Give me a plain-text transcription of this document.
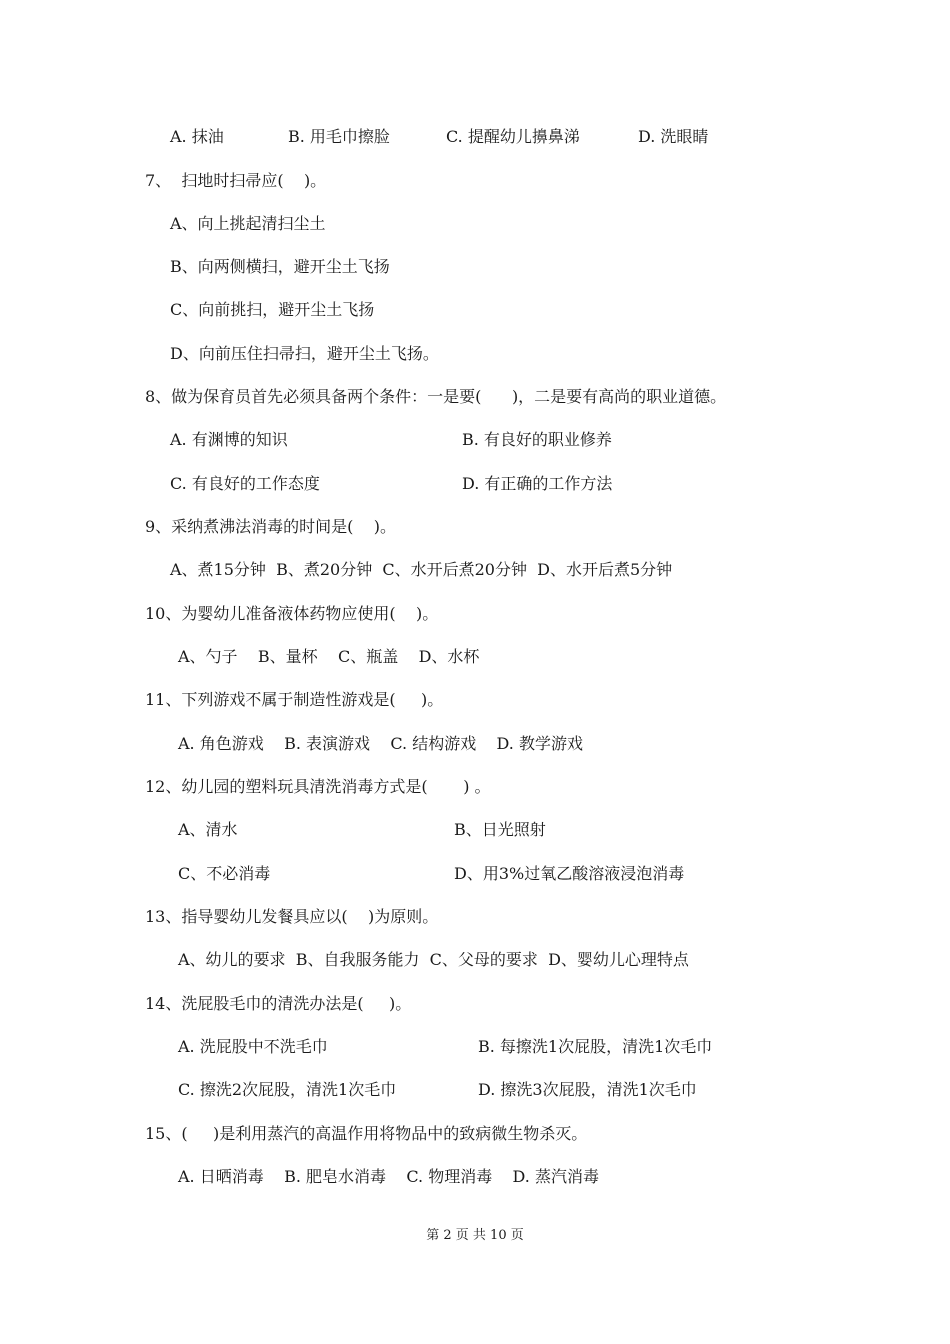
A. 抹油	B. 用毛巾擦脸	C. 提醒幼儿擤鼻涕	D. 洗眼睛
7、  扫地时扫帚应(    )。
A、向上挑起清扫尘土
B、向两侧横扫，避开尘土飞扬
C、向前挑扫，避开尘土飞扬
D、向前压住扫帚扫，避开尘土飞扬。
8、做为保育员首先必须具备两个条件：一是要(      )，二是要有高尚的职业道德。
A. 有渊博的知识	B. 有良好的职业修养
C. 有良好的工作态度	D. 有正确的工作方法
9、采纳煮沸法消毒的时间是(    )。
A、煮15分钟  B、煮20分钟  C、水开后煮20分钟  D、水开后煮5分钟
10、为婴幼儿准备液体药物应使用(    )。
A、勺子    B、量杯    C、瓶盖    D、水杯
11、下列游戏不属于制造性游戏是(     )。
A. 角色游戏    B. 表演游戏    C. 结构游戏    D. 教学游戏
12、幼儿园的塑料玩具清洗消毒方式是(       ) 。
A、清水	B、日光照射
C、不必消毒	D、用3%过氧乙酸溶液浸泡消毒
13、指导婴幼儿发餐具应以(    )为原则。
A、幼儿的要求  B、自我服务能力  C、父母的要求  D、婴幼儿心理特点
14、洗屁股毛巾的清洗办法是(     )。
A. 洗屁股中不洗毛巾	B. 每擦洗1次屁股，清洗1次毛巾
C. 擦洗2次屁股，清洗1次毛巾	D. 擦洗3次屁股，清洗1次毛巾
15、(     )是利用蒸汽的高温作用将物品中的致病微生物杀灭。
A. 日晒消毒    B. 肥皂水消毒    C. 物理消毒    D. 蒸汽消毒
第 2 页 共 10 页
